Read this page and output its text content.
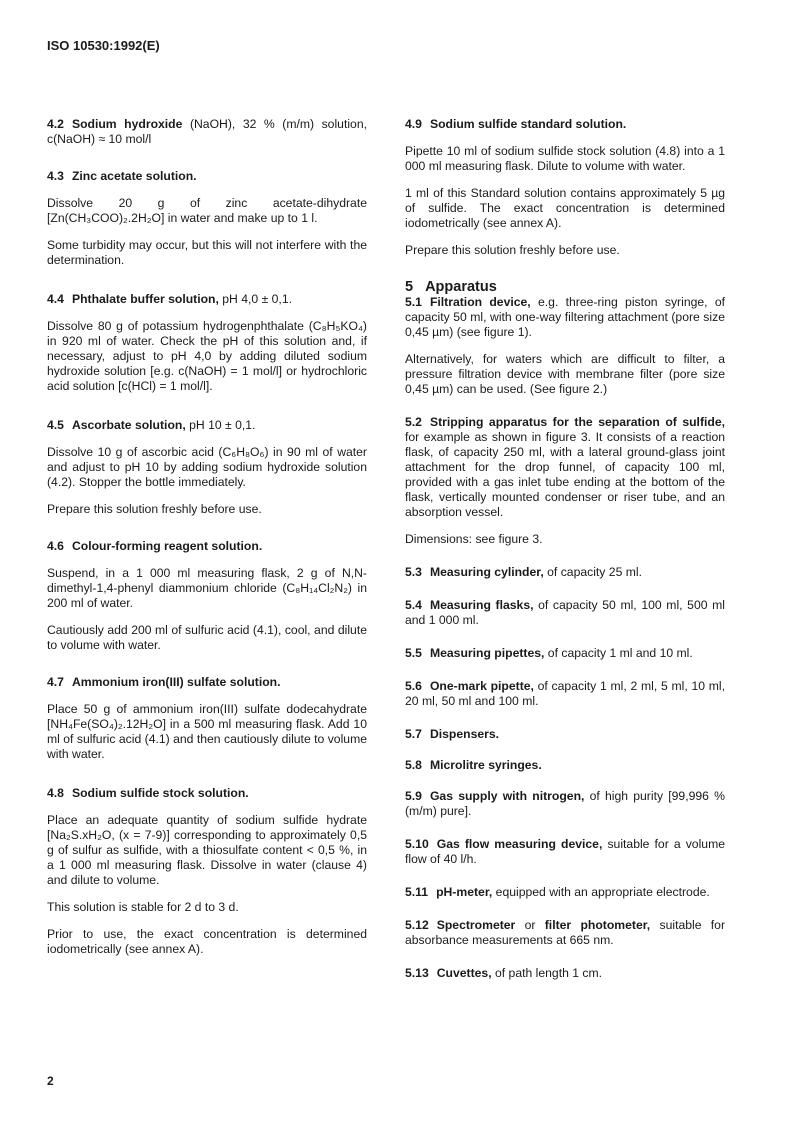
ISO 10530:1992(E)

4.2 Sodium hydroxide (NaOH), 32 % (m/m) solution, c(NaOH) ≈ 10 mol/l

4.3 Zinc acetate solution.

Dissolve 20 g of zinc acetate-dihydrate [Zn(CH₃COO)₂.2H₂O] in water and make up to 1 l.

Some turbidity may occur, but this will not interfere with the determination.

4.4 Phthalate buffer solution, pH 4,0 ± 0,1.

Dissolve 80 g of potassium hydrogenphthalate (C₈H₅KO₄) in 920 ml of water. Check the pH of this solution and, if necessary, adjust to pH 4,0 by adding diluted sodium hydroxide solution [e.g. c(NaOH) = 1 mol/l] or hydrochloric acid solution [c(HCl) = 1 mol/l].

4.5 Ascorbate solution, pH 10 ± 0,1.

Dissolve 10 g of ascorbic acid (C₆H₈O₆) in 90 ml of water and adjust to pH 10 by adding sodium hydroxide solution (4.2). Stopper the bottle immediately.

Prepare this solution freshly before use.

4.6 Colour-forming reagent solution.

Suspend, in a 1 000 ml measuring flask, 2 g of N,N-dimethyl-1,4-phenyl diammonium chloride (C₈H₁₄Cl₂N₂) in 200 ml of water.

Cautiously add 200 ml of sulfuric acid (4.1), cool, and dilute to volume with water.

4.7 Ammonium iron(III) sulfate solution.

Place 50 g of ammonium iron(III) sulfate dodecahydrate [NH₄Fe(SO₄)₂.12H₂O] in a 500 ml measuring flask. Add 10 ml of sulfuric acid (4.1) and then cautiously dilute to volume with water.

4.8 Sodium sulfide stock solution.

Place an adequate quantity of sodium sulfide hydrate [Na₂S.xH₂O, (x = 7-9)] corresponding to approximately 0,5 g of sulfur as sulfide, with a thiosulfate content < 0,5 %, in a 1 000 ml measuring flask. Dissolve in water (clause 4) and dilute to volume.

This solution is stable for 2 d to 3 d.

Prior to use, the exact concentration is determined iodometrically (see annex A).

4.9 Sodium sulfide standard solution.

Pipette 10 ml of sodium sulfide stock solution (4.8) into a 1 000 ml measuring flask. Dilute to volume with water.

1 ml of this Standard solution contains approximately 5 µg of sulfide. The exact concentration is determined iodometrically (see annex A).

Prepare this solution freshly before use.

5 Apparatus

5.1 Filtration device, e.g. three-ring piston syringe, of capacity 50 ml, with one-way filtering attachment (pore size 0,45 µm) (see figure 1).

Alternatively, for waters which are difficult to filter, a pressure filtration device with membrane filter (pore size 0,45 µm) can be used. (See figure 2.)

5.2 Stripping apparatus for the separation of sulfide, for example as shown in figure 3. It consists of a reaction flask, of capacity 250 ml, with a lateral ground-glass joint attachment for the drop funnel, of capacity 100 ml, provided with a gas inlet tube ending at the bottom of the flask, vertically mounted condenser or riser tube, and an absorption vessel.

Dimensions: see figure 3.

5.3 Measuring cylinder, of capacity 25 ml.

5.4 Measuring flasks, of capacity 50 ml, 100 ml, 500 ml and 1 000 ml.

5.5 Measuring pipettes, of capacity 1 ml and 10 ml.

5.6 One-mark pipette, of capacity 1 ml, 2 ml, 5 ml, 10 ml, 20 ml, 50 ml and 100 ml.

5.7 Dispensers.

5.8 Microlitre syringes.

5.9 Gas supply with nitrogen, of high purity [99,996 % (m/m) pure].

5.10 Gas flow measuring device, suitable for a volume flow of 40 l/h.

5.11 pH-meter, equipped with an appropriate electrode.

5.12 Spectrometer or filter photometer, suitable for absorbance measurements at 665 nm.

5.13 Cuvettes, of path length 1 cm.

2
